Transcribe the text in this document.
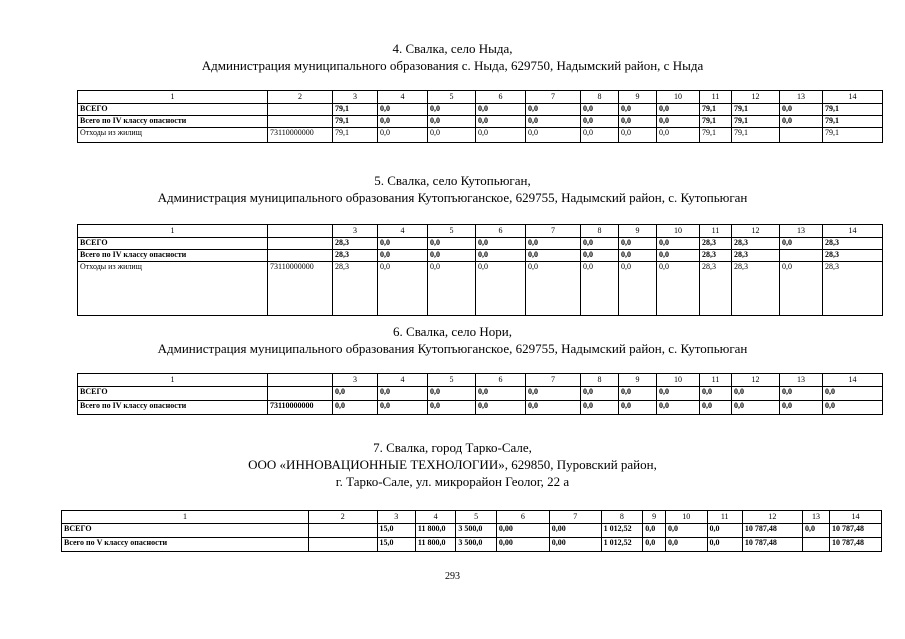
4. Свалка, село Ныда,
Администрация муниципального образования с. Ныда, 629750, Надымский район, с Ныда
1	2	3	4	5	6	7	8	9	10	11	12	13	14
ВСЕГО		79,1	0,0	0,0	0,0	0,0	0,0	0,0	0,0	79,1	79,1	0,0	79,1
Всего по IV классу опасности		79,1	0,0	0,0	0,0	0,0	0,0	0,0	0,0	79,1	79,1	0,0	79,1
Отходы из жилищ	73110000000	79,1	0,0	0,0	0,0	0,0	0,0	0,0	0,0	79,1	79,1		79,1
5. Свалка, село Кутопьюган,
Администрация муниципального образования Кутопъюганское, 629755, Надымский район, с. Кутопьюган
1		3	4	5	6	7	8	9	10	11	12	13	14
ВСЕГО		28,3	0,0	0,0	0,0	0,0	0,0	0,0	0,0	28,3	28,3	0,0	28,3
Всего по IV классу опасности		28,3	0,0	0,0	0,0	0,0	0,0	0,0	0,0	28,3	28,3		28,3
Отходы из жилищ	73110000000	28,3	0,0	0,0	0,0	0,0	0,0	0,0	0,0	28,3	28,3	0,0	28,3
6. Свалка, село Нори,
Администрация муниципального образования Кутопъюганское, 629755, Надымский район, с. Кутопьюган
1		3	4	5	6	7	8	9	10	11	12	13	14
ВСЕГО		0,0	0,0	0,0	0,0	0,0	0,0	0,0	0,0	0,0	0,0	0,0	0,0
Всего по IV классу опасности	73110000000	0,0	0,0	0,0	0,0	0,0	0,0	0,0	0,0	0,0	0,0	0,0	0,0
7. Свалка, город Тарко-Сале,
ООО «ИННОВАЦИОННЫЕ ТЕХНОЛОГИИ», 629850, Пуровский район,
г. Тарко-Сале, ул. микрорайон Геолог, 22 а
1	2	3	4	5	6	7	8	9	10	11	12	13	14
ВСЕГО		15,0	11 800,0	3 500,0	0,00	0,00	1 012,52	0,0	0,0	0,0	10 787,48	0,0	10 787,48
Всего по V классу опасности		15,0	11 800,0	3 500,0	0,00	0,00	1 012,52	0,0	0,0	0,0	10 787,48		10 787,48
293
